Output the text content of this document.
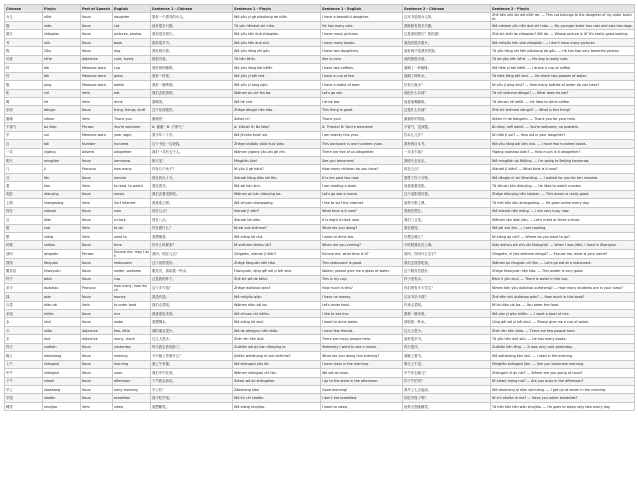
Chinese	Pinyin	Part of Speech	English	Sentence 1 - Chinese	Sentence 1 - Pinyin	Sentence 1 - English	Sentence 2 - Chinese	Sentence 2 - Pinyin
女儿	nǚér	Noun	daughter	我有一个漂亮的女儿。	Wǒ yǒu yí gè piàoliang de nǚér.	I have a beautiful daughter.	这本书是我女儿的。	Zhè běn shū shì wǒ nǚér de. — This cat belongs to the daughter of my older brother.
猫	māo	Noun	cat	他有很多只猫。	Tā yǒu hěnduō zhī māo.	He has many cats.	我妹妹有很多只猫。	Wǒ mèimei yǒu hěn duō zhī māo. — My younger sister has cats and also has dogs.
照片	zhàopiàn	Noun	pictures, photos	我有很多照片。	Wǒ yǒu hěn duō zhàopiàn.	I have many pictures.	这是谁的照片？我的妻!	Zhè shì shéi de zhàopiàn? Wǒ de. — Whose picture is it? It's really good-looking.
书	shū	Noun	book	我有很多书。	Wǒ yǒu hěn duō shū.	I have many books.	我没有很多照片。	Wǒ méiyǒu hěn duō zhàopiàn. — I don't have many pictures.
狗	Gǒu	Noun	dog	我有两只狗。	Wǒ yǒu liǎng zhī gǒu.	I have two daughters.	他有两只很漂亮的狗。	Tā yǒu liǎng zhī hěn piàoliang de gǒu. — He has two very beautiful photos.
可爱	kě'ài	Adjective	cute, lovely	她很可爱。	Tā hěn kě'ài.	She is cute.	他的狗很可爱。	Tā de gǒu hěn kě'ài. — His dog is really cute.
杯	bēi	Measure word	cup	我有两杯咖啡。	Wǒ yǒu liǎng bēi kāfēi.	I have two coffees.	我喝了一杯咖啡。	Wǒ hēle yì bēi kāfēi. — I drank a cup of coffee.
杯	bēi	Measure word	glass	我有一杯茶。	Wǒ yǒu yì bēi chá.	I have a cup of tea.	他喝了两杯水。	Tā hēle liǎng bēi shuǐ. — He drank two glasses of water.
瓶	píng	Measure word	bottle	我有一瓶啤酒。	Wǒ yǒu yì píng píjiǔ.	I have a bottle of beer.	你有几瓶水？	Nǐ yǒu jǐ píng shuǐ? — How many bottles of water do you have?
吃	chī	Verb	eat	我们去吃饭吧。	Wǒmen qù chī fàn ba.	Let's go eat.	他吃什么东西？	Tā chī shénme dōngxi? — What does he eat?
喝	hē	Verb	drink	我喝茶。	Wǒ hē chá.	I drink tea.	他喜欢喝咖啡。	Tā xǐhuan hē kāfēi. — He likes to drink coffee.
东西	dōngxi	Noun	thing, things, stuff	这个东西很好。	Zhège dōngxi hěn hǎo.	This thing is good.	这是什么东西？	Zhè shì shénme dōngxi? — What is this thing?
谢谢	xièxie	Verb	Thank you	谢谢你！	Xièxie nǐ!	Thank you!	谢谢你的帮助。	Xièxie nǐ de bāngzhù. — Thank you for your help.
不客气	bú kèqi	Phrase	You're welcome	A: 谢谢！B: 不客气！	A: Xièxie! B: Bú kèqi!	A: Thanks! B: You're welcome!	不客气，没问题。	Bú kèqi, méi wèntí. — You're welcome, no problem.
岁	suì	Measure word	year (age)	我今年二十岁。	Wǒ jīnnián èrshí suì.	I am twenty this year.	你女儿几岁？	Nǐ nǚér jǐ suì? — How old is your daughter?
百	bǎi	Number	hundred	这个书包一百块钱。	Zhège shūbāo yìbǎi kuài qián.	This backpack is one hundred yuan.	我有两百本书。	Wǒ yǒu liǎng bǎi běn shū. — I have two hundred books.
一共	yígòng	Adverb	altogether	我们一共有五个人。	Wǒmen yígòng yǒu wǔ gè rén.	There are five of us altogether.	一共多少钱？	Yígòng duōshao qián? — How much is it altogether?
明天	míngtiān	Noun	tomorrow	明天见！	Míngtiān jiàn!	See you tomorrow!	我明天去北京。	Wǒ míngtiān qù Běijīng. — I'm going to Beijing tomorrow.
几	jǐ	Pronoun	how many	你有几个孩子？	Nǐ yǒu jǐ gè háizi?	How many children do you have?	现在几点？	Xiànzài jǐ diǎn? — What time is it now?
分	fēn	Noun	minute	现在两点十分。	Xiànzài liǎng diǎn shí fēn.	It is ten past two now.	我等了你十分钟。	Wǒ děngle nǐ shí fēnzhōng. — I waited for you for ten minutes.
看	kàn	Verb	to read, to watch	我在看书。	Wǒ zài kàn shū.	I am reading a book.	他喜欢看电影。	Tā xǐhuan kàn diànyǐng. — He likes to watch movies.
电影	diànyǐng	Noun	movie	我们去看电影吧。	Wǒmen qù kàn diànyǐng ba.	Let's go see a movie.	这个电影很好看。	Zhège diànyǐng hěn hǎokàn. — This movie is really good.
上网	shàngwǎng	Verb	Surf Internet	我喜欢上网。	Wǒ xǐhuan shàngwǎng.	I like to surf the internet.	他每天都上网。	Tā měi tiān dōu shàngwǎng. — He goes online every day.
现在	xiànzài	Noun	now	现在几点？	Xiànzài jǐ diǎn?	What time is it now?	我现在很忙。	Wǒ xiànzài hěn máng. — I am very busy now.
点	diǎn	Noun	o'clock	现在八点。	Xiànzài bā diǎn.	It is eight o'clock now.	我们三点见。	Wǒmen sān diǎn jiàn. — Let's meet at three o'clock.
做	zuò	Verb	to do	你在做什么？	Nǐ zài zuò shénme?	What are you doing?	我在做饭。	Wǒ zài zuò fàn. — I am cooking.
想	xiǎng	Verb	want to	我想喝茶。	Wǒ xiǎng hē chá.	I want to drink tea.	你想去哪儿？	Nǐ xiǎng qù nǎr? — Where do you want to go?
时候	shíhou	Noun	time	你什么时候来？	Nǐ shénme shíhou lái?	When are you coming?	小时候我住在上海。	Xiǎo shíhou wǒ zhù zài Shànghǎi. — When I was little, I lived in Shanghai.
请问	qǐngwèn	Phrase	Excuse me, may I ask	请问，现在几点？	Qǐngwèn, xiànzài jǐ diǎn?	Excuse me, what time is it?	请问，你叫什么名字？	Qǐngwèn, nǐ jiào shénme míngzi? — Excuse me, what is your name?
饭馆	fànguǎn	Noun	restaurant	这个饭馆很好。	Zhège fànguǎn hěn hǎo.	This restaurant is good.	我们去饭馆吃饭。	Wǒmen qù fànguǎn chī fàn. — Let's go eat at a restaurant.
服务员	fúwùyuán	Noun	waiter, waitress	服务员，请给我一杯水。	Fúwùyuán, qǐng gěi wǒ yì bēi shuǐ.	Waiter, please give me a glass of water.	这个服务员很好。	Zhège fúwùyuán hěn hǎo. — This waiter is very good.
杯子	bēizi	Noun	cup	这是我的杯子。	Zhè shì wǒ de bēizi.	This is my cup.	杯子里有水。	Bēizi lǐ yǒu shuǐ. — There is water in the cup.
多少	duōshao	Pronoun	how many, how much	这个多少钱？	Zhège duōshao qián?	How much is this?	你们班有多少学生？	Nǐmen bān yǒu duōshao xuésheng? — How many students are in your class?
钱	qián	Noun	money	我没有钱。	Wǒ méiyǒu qián.	I have no money.	这本书多少钱？	Zhè běn shū duōshao qián? — How much is this book?
点菜	diǎn cài	Verb	to order food	我们点菜吧。	Wǒmen diǎn cài ba.	Let's order food.	你来点菜吧。	Nǐ lái diǎn cài ba. — You order the food.
米饭	mǐfàn	Noun	rice	我喜欢吃米饭。	Wǒ xǐhuan chī mǐfàn.	I like to eat rice.	我要一碗米饭。	Wǒ yào yì wǎn mǐfàn. — I want a bowl of rice.
水	shuǐ	Noun	water	我想喝水。	Wǒ xiǎng hē shuǐ.	I want to drink water.	请给我一杯水。	Qǐng gěi wǒ yì bēi shuǐ. — Please give me a cup of water.
少	shǎo	Adjective	few, little	我的朋友很少。	Wǒ de péngyou hěn shǎo.	I have few friends.	这儿人很少。	Zhèr rén hěn shǎo. — There are few people here.
多	duō	Adjective	many, much	这儿人很多。	Zhèr rén hěn duō.	There are many people here.	他有很多书。	Tā yǒu hěn duō shū. — He has many books.
昨天	zuótiān	Noun	yesterday	昨天我去看电影了。	Zuótiān wǒ qù kàn diànyǐng le.	Yesterday I went to see a movie.	昨天很冷。	Zuótiān hěn lěng. — It was very cold yesterday.
晚上	wǎnshang	Noun	evening	今天晚上你做什么？	Jīntiān wǎnshang nǐ zuò shénme?	What are you doing this evening?	我晚上看书。	Wǒ wǎnshang kàn shū. — I read in the evening.
上午	shàngwǔ	Noun	morning	我上午有课。	Wǒ shàngwǔ yǒu kè.	I have class in the morning.	明天上午见。	Míngtiān shàngwǔ jiàn. — See you tomorrow morning.
中午	zhōngwǔ	Noun	noon	我们中午吃饭。	Wǒmen zhōngwǔ chī fàn.	We eat at noon.	中午你去哪儿？	Zhōngwǔ nǐ qù nǎr? — Where are you going at noon?
下午	xiàwǔ	Noun	afternoon	下午我去商店。	Xiàwǔ wǒ qù shāngdiàn.	I go to the store in the afternoon.	你下午忙吗？	Nǐ xiàwǔ máng ma? — Are you busy in the afternoon?
早上	zǎoshang	Noun	early morning	早上好！	Zǎoshang hǎo!	Good morning!	我早上七点起床。	Wǒ zǎoshang qī diǎn qǐchuáng. — I get up at seven in the morning.
早饭	zǎofàn	Noun	breakfast	我不吃早饭。	Wǒ bù chī zǎofàn.	I don't eat breakfast.	你吃早饭了吗？	Nǐ chī zǎofàn le ma? — Have you eaten breakfast?
睡觉	shuìjiào	Verb	sleep	我想睡觉。	Wǒ xiǎng shuìjiào.	I want to sleep.	他每天很晚睡觉。	Tā měi tiān hěn wǎn shuìjiào. — He goes to sleep very late every day.
